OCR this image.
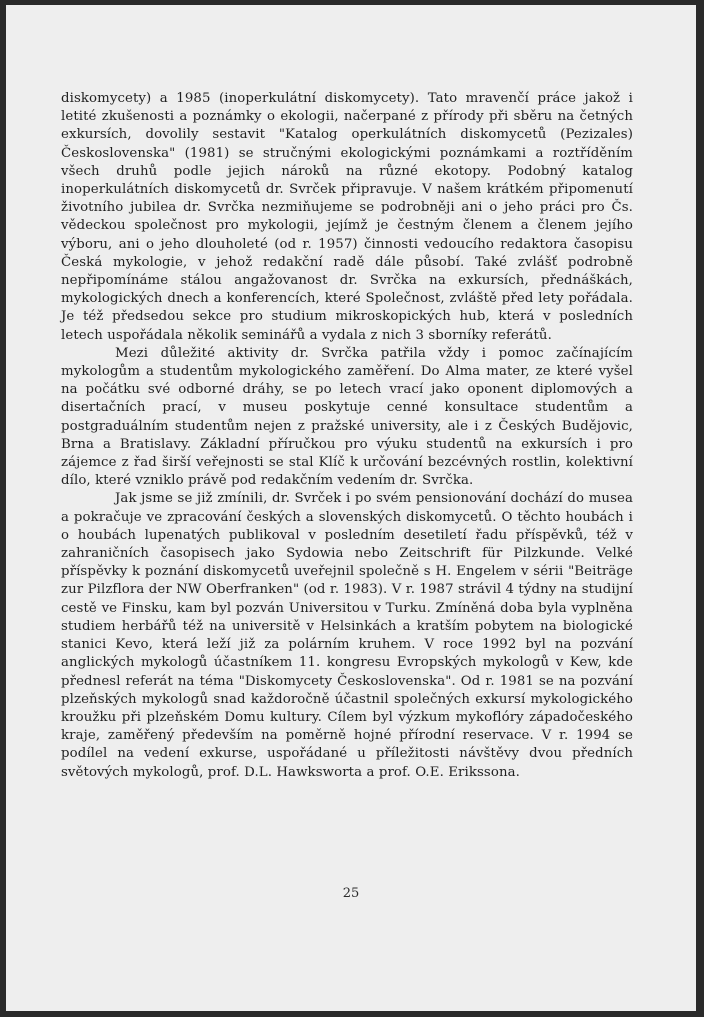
diskomycety) a 1985 (inoperkulátní diskomycety). Tato mravenčí práce jakož i letité zkušenosti a poznámky o ekologii, načerpané z přírody při sběru na četných exkursích, dovolily sestavit "Katalog operkulátních diskomycetů (Pezizales) Československa" (1981) se stručnými ekologickými poznámkami a roztříděním všech druhů podle jejich nároků na různé ekotopy. Podobný katalog inoperkulátních diskomycetů dr. Svrček připravuje. V našem krátkém připomenutí životního jubilea dr. Svrčka nezmiňujeme se podrobněji ani o jeho práci pro Čs. vědeckou společnost pro mykologii, jejímž je čestným členem a členem jejího výboru, ani o jeho dlouholeté (od r. 1957) činnosti vedoucího redaktora časopisu Česká mykologie, v jehož redakční radě dále působí. Také zvlášť podrobně nepřipomínáme stálou angažovanost dr. Svrčka na exkursích, přednáškách, mykologických dnech a konferencích, které Společnost, zvláště před lety pořádala. Je též předsedou sekce pro studium mikroskopických hub, která v posledních letech uspořádala několik seminářů a vydala z nich 3 sborníky referátů.

Mezi důležité aktivity dr. Svrčka patřila vždy i pomoc začínajícím mykologům a studentům mykologického zaměření. Do Alma mater, ze které vyšel na počátku své odborné dráhy, se po letech vrací jako oponent diplomových a disertačních prací, v museu poskytuje cenné konsultace studentům a postgraduálním studentům nejen z pražské university, ale i z Českých Budějovic, Brna a Bratislavy. Základní příručkou pro výuku studentů na exkursích i pro zájemce z řad širší veřejnosti se stal Klíč k určování bezcévných rostlin, kolektivní dílo, které vzniklo právě pod redakčním vedením dr. Svrčka.

Jak jsme se již zmínili, dr. Svrček i po svém pensionování dochází do musea a pokračuje ve zpracování českých a slovenských diskomycetů. O těchto houbách i o houbách lupenatých publikoval v posledním desetiletí řadu příspěvků, též v zahraničních časopisech jako Sydowia nebo Zeitschrift für Pilzkunde. Velké příspěvky k poznání diskomycetů uveřejnil společně s H. Engelem v sérii "Beiträge zur Pilzflora der NW Oberfranken" (od r. 1983). V r. 1987 strávil 4 týdny na studijní cestě ve Finsku, kam byl pozván Universitou v Turku. Zmíněná doba byla vyplněna studiem herbářů též na universitě v Helsinkách a kratším pobytem na biologické stanici Kevo, která leží již za polárním kruhem. V roce 1992 byl na pozvání anglických mykologů účastníkem 11. kongresu Evropských mykologů v Kew, kde přednesl referát na téma "Diskomycety Československa". Od r. 1981 se na pozvání plzeňských mykologů snad každoročně účastnil společných exkursí mykologického kroužku při plzeňském Domu kultury. Cílem byl výzkum mykoflóry západočeského kraje, zaměřený především na poměrně hojné přírodní reservace. V r. 1994 se podílel na vedení exkurse, uspořádané u příležitosti návštěvy dvou předních světových mykologů, prof. D.L. Hawksworta a prof. O.E. Erikssona.

25
